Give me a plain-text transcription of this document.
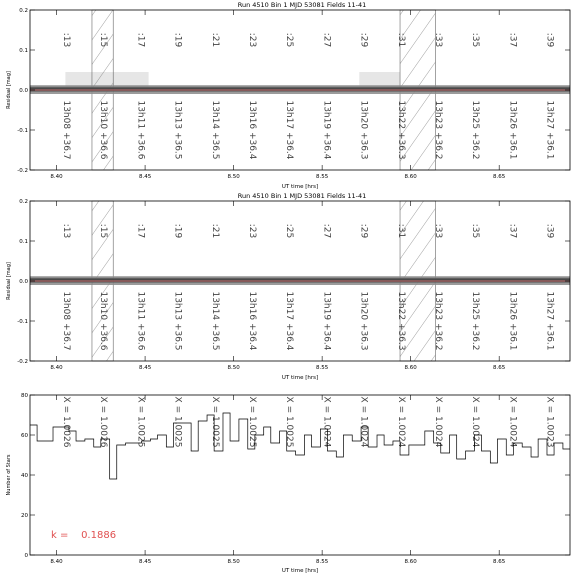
Run 4510 Bin 1 MJD 53081 Fields 11-41
:13	:15	:17	:19	:21	:23	:25	:27	:29	:31	:33	:35	:37	:39
13h08 +36.7	13h10 +36.6	13h11 +36.6	13h13 +36.5	13h14 +36.5	13h16 +36.4	13h17 +36.4	13h19 +36.4	13h20 +36.3	13h22 +36.3	13h23 +36.2	13h25 +36.2	13h26 +36.1	13h27 +36.1
8.40	8.45	8.50	8.55	8.60	8.65
-0.2
-0.1
0.0
0.1
0.2
UT time [hrs]
Residual [mag]
Run 4510 Bin 1 MJD 53081 Fields 11-41
:13	:15	:17	:19	:21	:23	:25	:27	:29	:31	:33	:35	:37	:39
13h08 +36.7	13h10 +36.6	13h11 +36.6	13h13 +36.5	13h14 +36.5	13h16 +36.4	13h17 +36.4	13h19 +36.4	13h20 +36.3	13h22 +36.3	13h23 +36.2	13h25 +36.2	13h26 +36.1	13h27 +36.1
8.40	8.45	8.50	8.55	8.60	8.65
-0.2
-0.1
0.0
0.1
0.2
UT time [hrs]
Residual [mag]
X = 1.0026	X = 1.0026	X = 1.0025	X = 1.0025	X = 1.0025	X = 1.0025	X = 1.0025	X = 1.0024	X = 1.0024	X = 1.0024	X = 1.0024	X = 1.0024	X = 1.0024	X = 1.0023
8.40	8.45	8.50	8.55	8.60	8.65
0
20
40
60
80
k =    0.1886
UT time [hrs]
Number of Stars
